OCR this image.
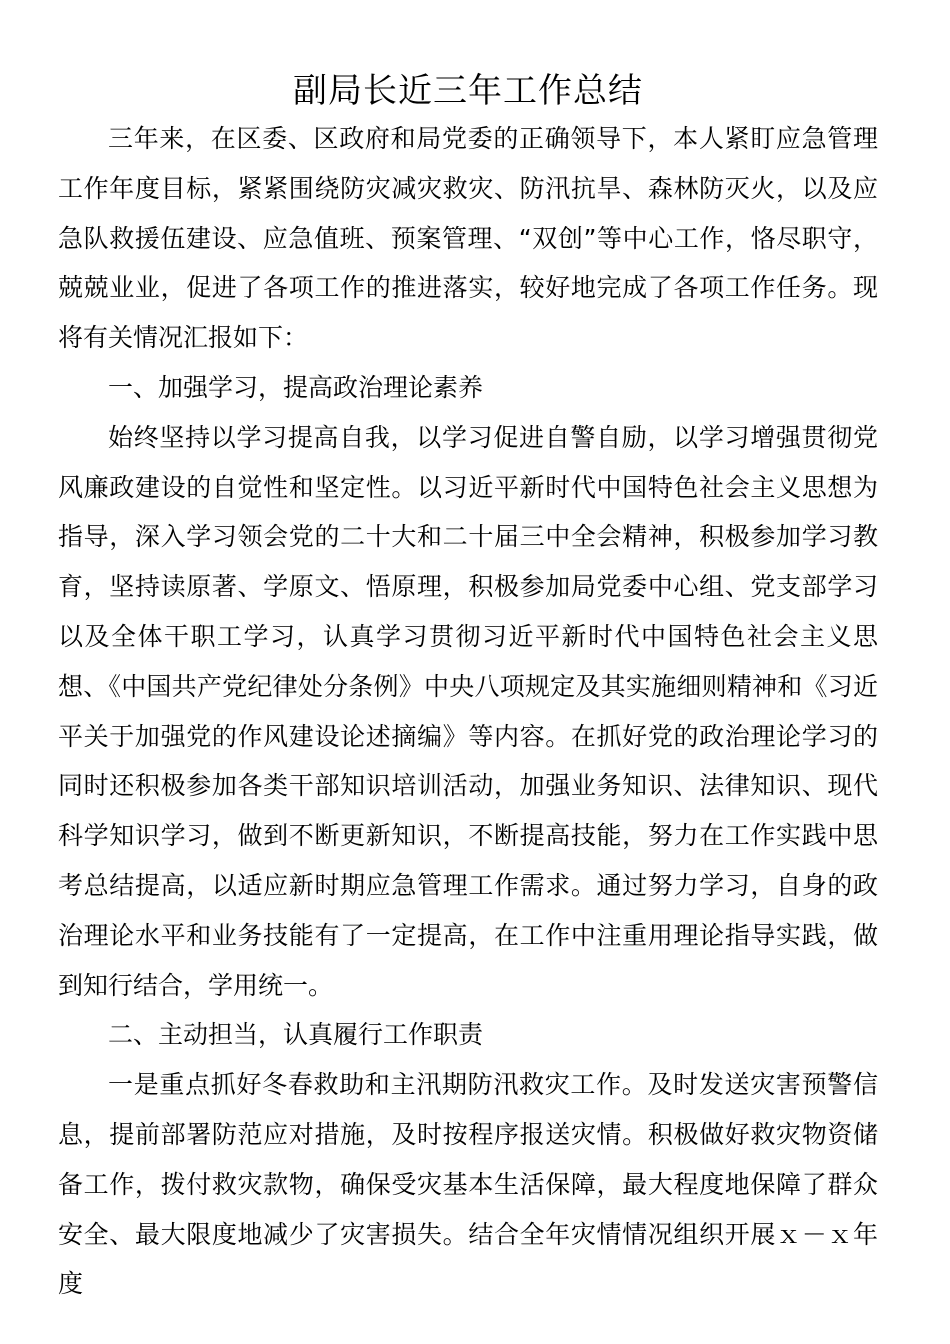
副局长近三年工作总结

三年来，在区委、区政府和局党委的正确领导下，本人紧盯应急管理工作年度目标，紧紧围绕防灾减灾救灾、防汛抗旱、森林防灭火，以及应急队救援伍建设、应急值班、预案管理、“双创”等中心工作，恪尽职守，兢兢业业，促进了各项工作的推进落实，较好地完成了各项工作任务。现将有关情况汇报如下：

一、加强学习，提高政治理论素养

始终坚持以学习提高自我，以学习促进自警自励，以学习增强贯彻党风廉政建设的自觉性和坚定性。以习近平新时代中国特色社会主义思想为指导，深入学习领会党的二十大和二十届三中全会精神，积极参加学习教育，坚持读原著、学原文、悟原理，积极参加局党委中心组、党支部学习以及全体干职工学习，认真学习贯彻习近平新时代中国特色社会主义思想、《中国共产党纪律处分条例》中央八项规定及其实施细则精神和《习近平关于加强党的作风建设论述摘编》等内容。在抓好党的政治理论学习的同时还积极参加各类干部知识培训活动，加强业务知识、法律知识、现代科学知识学习，做到不断更新知识，不断提高技能，努力在工作实践中思考总结提高，以适应新时期应急管理工作需求。通过努力学习，自身的政治理论水平和业务技能有了一定提高，在工作中注重用理论指导实践，做到知行结合，学用统一。

二、主动担当，认真履行工作职责

一是重点抓好冬春救助和主汛期防汛救灾工作。及时发送灾害预警信息，提前部署防范应对措施，及时按程序报送灾情。积极做好救灾物资储备工作，拨付救灾款物，确保受灾基本生活保障，最大程度地保障了群众安全、最大限度地减少了灾害损失。结合全年灾情情况组织开展ｘ－ｘ年度
